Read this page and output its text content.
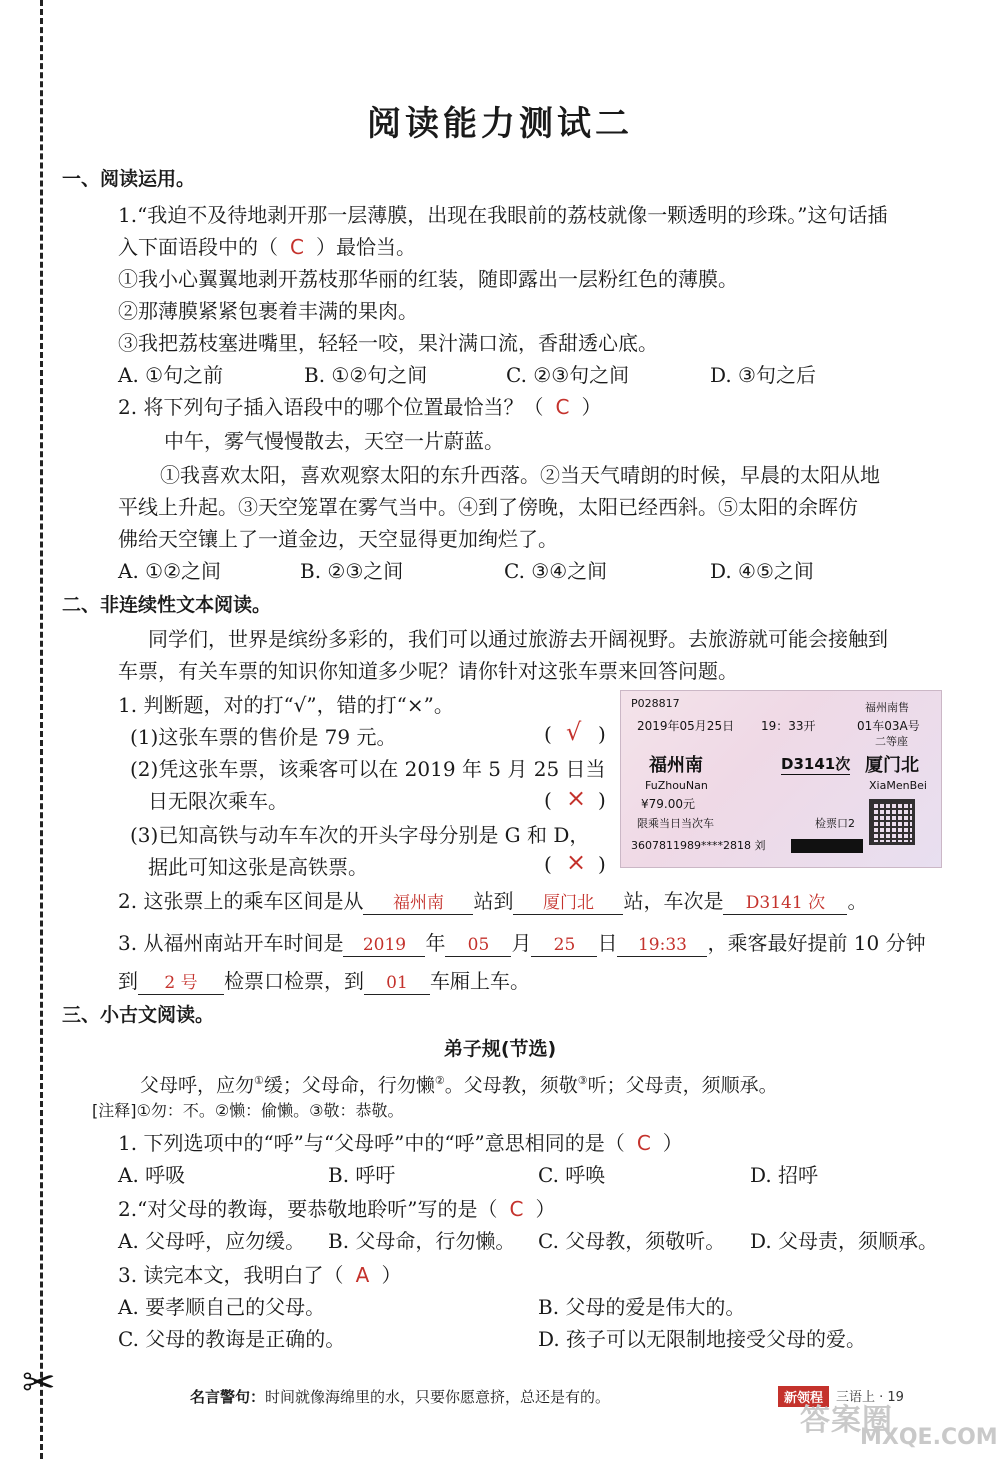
✂
阅读能力测试二
一、阅读运用。
1.“我迫不及待地剥开那一层薄膜，出现在我眼前的荔枝就像一颗透明的珍珠。”这句话插
入下面语段中的（ C ）最恰当。
①我小心翼翼地剥开荔枝那华丽的红装，随即露出一层粉红色的薄膜。
②那薄膜紧紧包裹着丰满的果肉。
③我把荔枝塞进嘴里，轻轻一咬，果汁满口流，香甜透心底。
A. ①句之前	B. ①②句之间	C. ②③句之间	D. ③句之后
2. 将下列句子插入语段中的哪个位置最恰当？（ C ）
中午，雾气慢慢散去，天空一片蔚蓝。
①我喜欢太阳，喜欢观察太阳的东升西落。②当天气晴朗的时候，早晨的太阳从地
平线上升起。③天空笼罩在雾气当中。④到了傍晚，太阳已经西斜。⑤太阳的余晖仿
佛给天空镶上了一道金边，天空显得更加绚烂了。
A. ①②之间	B. ②③之间	C. ③④之间	D. ④⑤之间
二、非连续性文本阅读。
同学们，世界是缤纷多彩的，我们可以通过旅游去开阔视野。去旅游就可能会接触到
车票，有关车票的知识你知道多少呢？请你针对这张车票来回答问题。
1. 判断题，对的打“√”，错的打“×”。
(1)这张车票的售价是 79 元。	( √ )
(2)凭这张车票，该乘客可以在 2019 年 5 月 25 日当
日无限次乘车。	( × )
(3)已知高铁与动车车次的开头字母分别是 G 和 D，
据此可知这张是高铁票。	( × )
P028817	福州南售
2019年05月25日 19：33开	01车03A号
二等座
福州南	D3141次 厦门北
FuZhouNan	XiaMenBei
¥79.00元
限乘当日当次车	检票口2
3607811989****2818 刘
2. 这张票上的乘车区间是从 福州南 站到 厦门北 站，车次是 D3141 次 。
3. 从福州南站开车时间是 2019 年 05 月 25 日 19:33 ，乘客最好提前 10 分钟
到 2 号 检票口检票，到 01 车厢上车。
三、小古文阅读。
弟子规(节选)
父母呼，应勿①缓；父母命，行勿懒②。父母教，须敬③听；父母责，须顺承。
[注释]①勿：不。②懒：偷懒。③敬：恭敬。
1. 下列选项中的“呼”与“父母呼”中的“呼”意思相同的是（ C ）
A. 呼吸	B. 呼吁	C. 呼唤	D. 招呼
2.“对父母的教诲，要恭敬地聆听”写的是（ C ）
A. 父母呼，应勿缓。 B. 父母命，行勿懒。 C. 父母教，须敬听。 D. 父母责，须顺承。
3. 读完本文，我明白了（ A ）
A. 要孝顺自己的父母。	B. 父母的爱是伟大的。
C. 父母的教诲是正确的。	D. 孩子可以无限制地接受父母的爱。
名言警句：时间就像海绵里的水，只要你愿意挤，总还是有的。	新领程 三语上 · 19
答案圈
MXQE.COM
